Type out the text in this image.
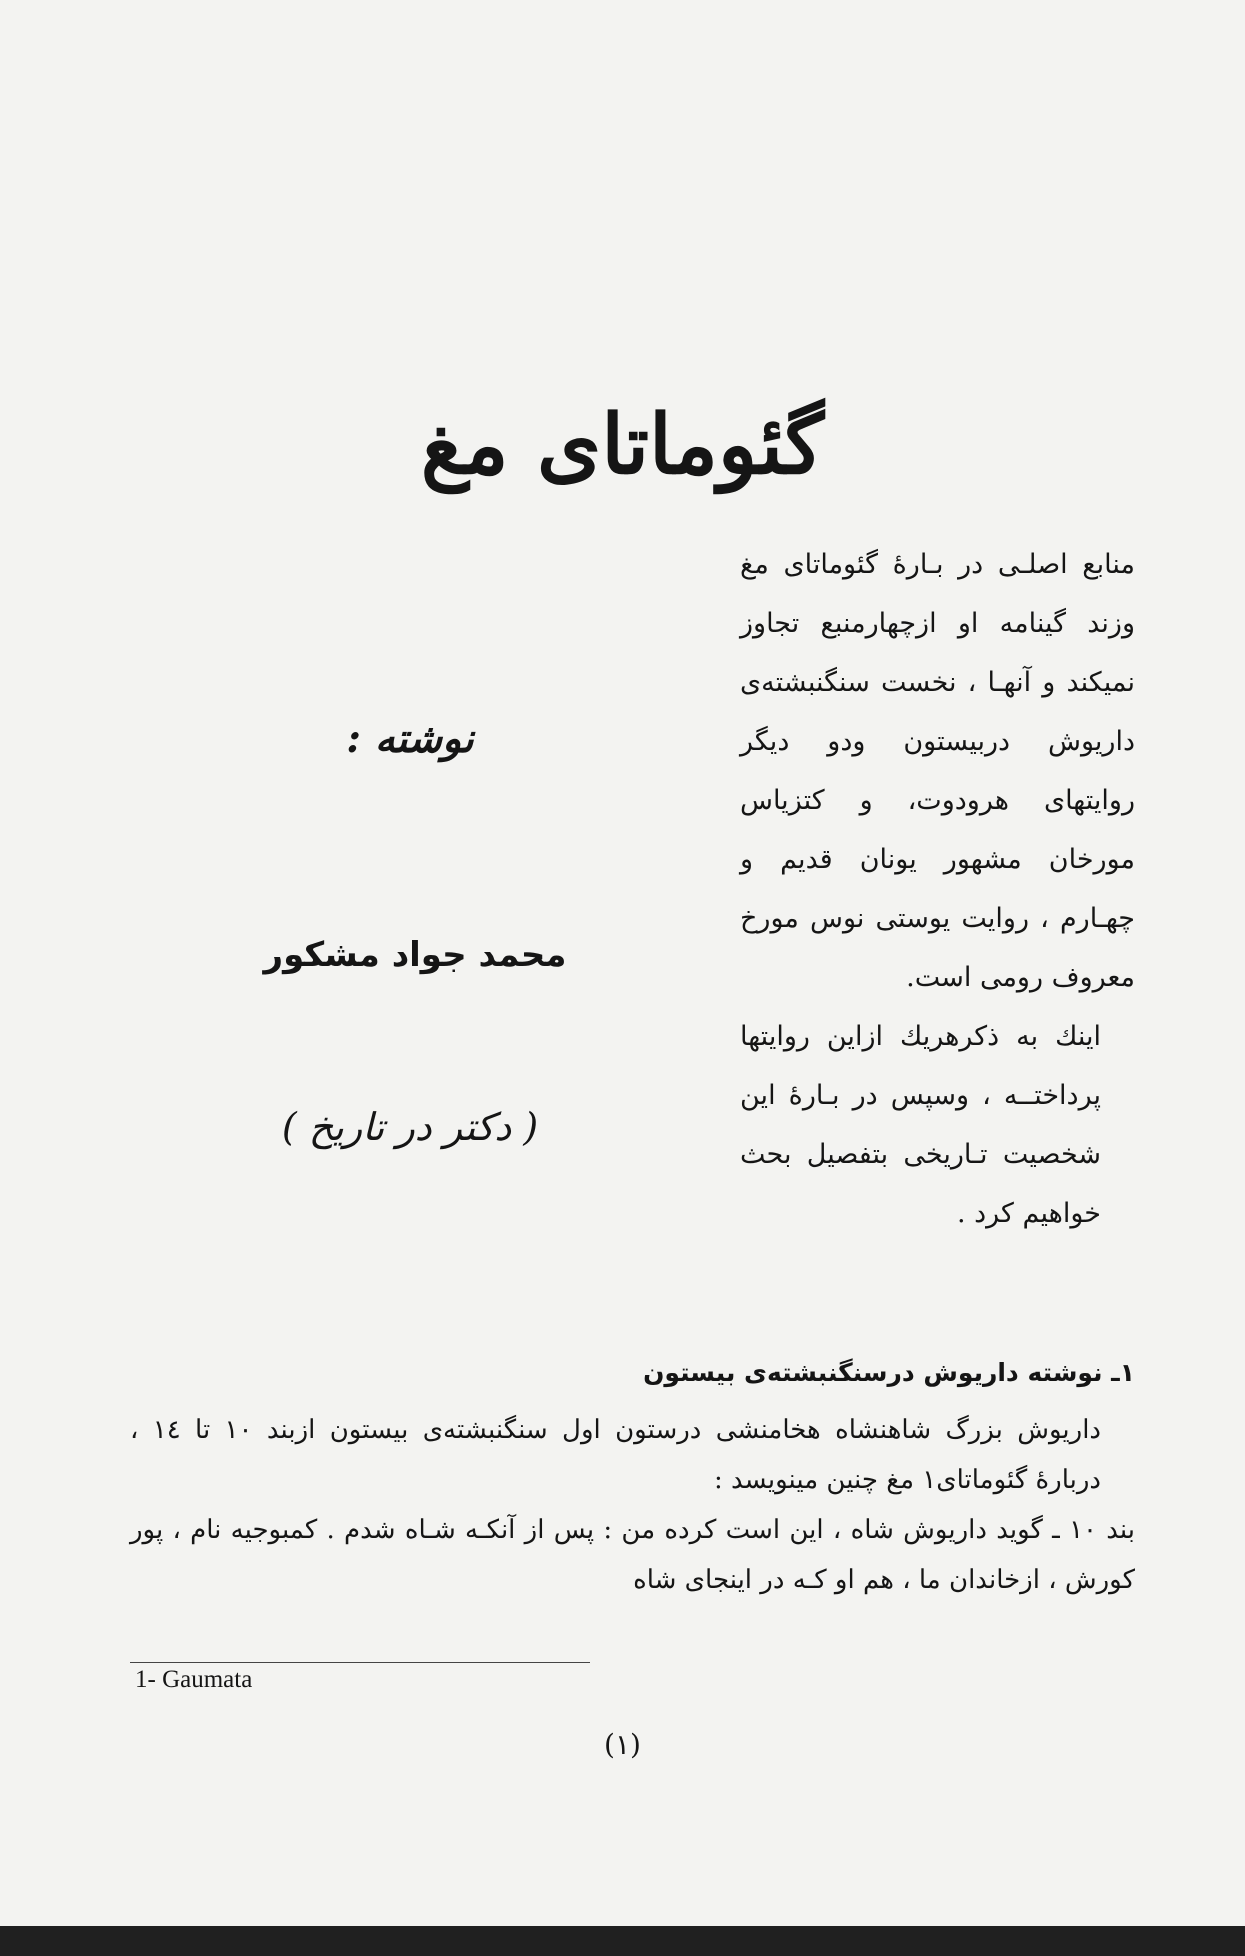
گئوماتای مغ
نوشته :
محمد جواد مشکور
( دکتر در تاریخ )

منابع اصلـی در بـارهٔ گئوماتای مغ وزند گینامه او ازچهارمنبع تجاوز نمیکند و آنهـا ، نخست سنگنبشته‌ی داریوش دربیستون ودو دیگر روایتهای هرودوت، و کتزیاس مورخان مشهور یونان قدیم و چهـارم ، روایت یوستی نوس مورخ معروف رومی است.

اینك به ذکرهریك ازاین روایتها پرداختــه ، وسپس در بـارهٔ این شخصیت تـاریخی بتفصیل بحث خواهیم کرد .

۱ـ نوشته داریوش درسنگنبشته‌ی بیستون

داریوش بزرگ شاهنشاه هخامنشی درستون اول سنگنبشته‌ی بیستون ازبند ۱۰ تا ۱٤ ، دربارهٔ گئوماتای۱ مغ چنین مینویسد :

بند ۱۰ ـ گوید داریوش شاه ، این است کرده من : پس از آنکـه شـاه شدم . کمبوجیه نام ، پور کورش ، ازخاندان ما ، هم او کـه در اینجای شاه

1- Gaumata
(۱)
